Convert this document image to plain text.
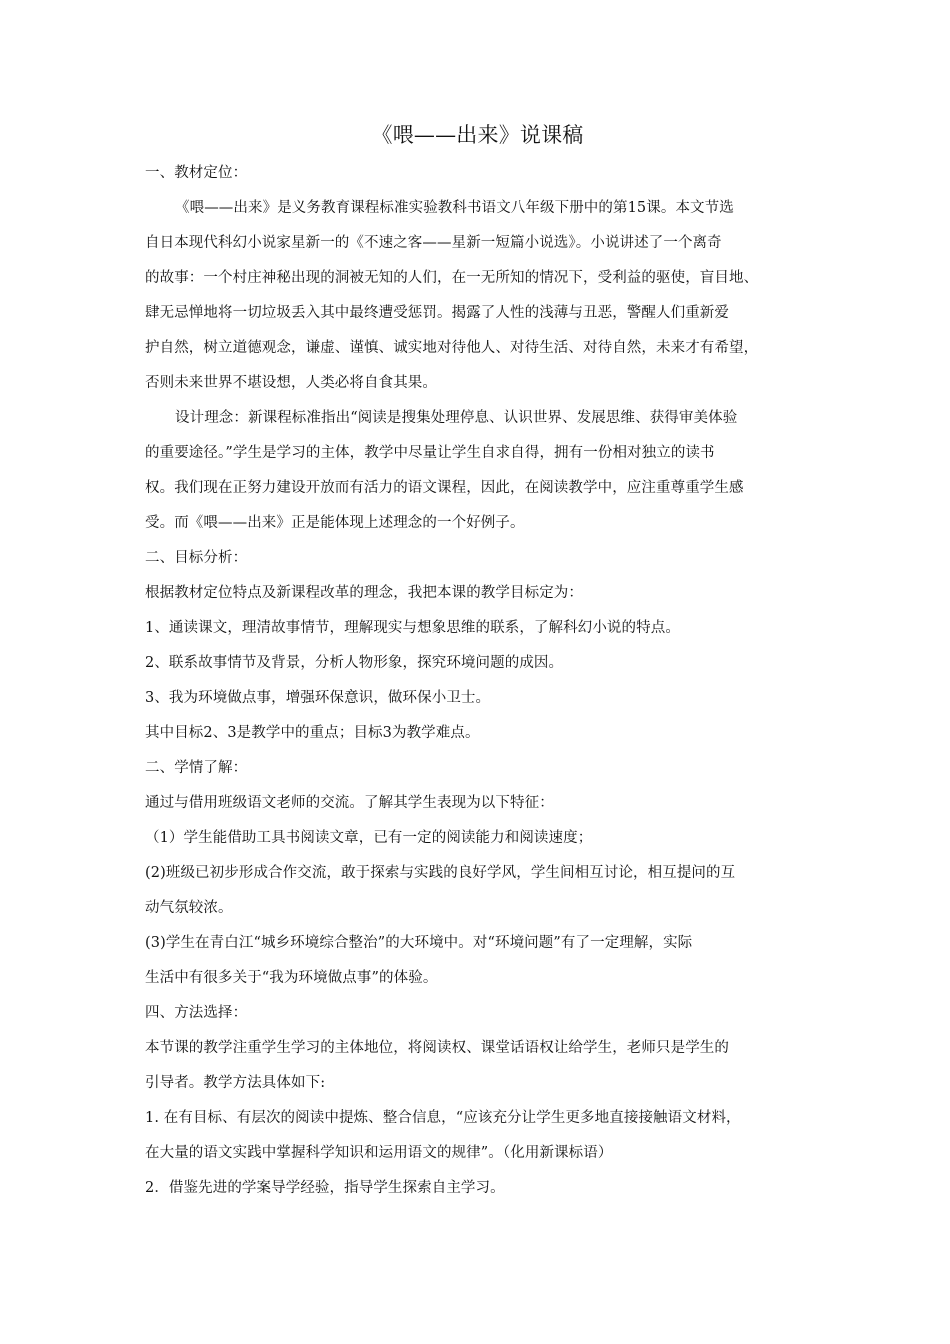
《喂——出来》说课稿
一、教材定位：
《喂——出来》是义务教育课程标准实验教科书语文八年级下册中的第15课。本文节选
自日本现代科幻小说家星新一的《不速之客——星新一短篇小说选》。小说讲述了一个离奇
的故事：一个村庄神秘出现的洞被无知的人们，在一无所知的情况下，受利益的驱使，盲目地、
肆无忌惮地将一切垃圾丢入其中最终遭受惩罚。揭露了人性的浅薄与丑恶，警醒人们重新爱
护自然，树立道德观念，谦虚、谨慎、诚实地对待他人、对待生活、对待自然，未来才有希望，
否则未来世界不堪设想，人类必将自食其果。
设计理念：新课程标准指出“阅读是搜集处理停息、认识世界、发展思维、获得审美体验
的重要途径。”学生是学习的主体，教学中尽量让学生自求自得，拥有一份相对独立的读书
权。我们现在正努力建设开放而有活力的语文课程，因此，在阅读教学中，应注重尊重学生感
受。而《喂——出来》正是能体现上述理念的一个好例子。
二、目标分析：
根据教材定位特点及新课程改革的理念，我把本课的教学目标定为：
1、通读课文，理清故事情节，理解现实与想象思维的联系，了解科幻小说的特点。
2、联系故事情节及背景，分析人物形象，探究环境问题的成因。
3、我为环境做点事，增强环保意识，做环保小卫士。
其中目标2、3是教学中的重点；目标3为教学难点。
二、学情了解：
通过与借用班级语文老师的交流。了解其学生表现为以下特征：
（1）学生能借助工具书阅读文章，已有一定的阅读能力和阅读速度；
(2)班级已初步形成合作交流，敢于探索与实践的良好学风，学生间相互讨论，相互提问的互
动气氛较浓。
(3)学生在青白江“城乡环境综合整治”的大环境中。对“环境问题”有了一定理解，实际
生活中有很多关于“我为环境做点事”的体验。
四、方法选择：
本节课的教学注重学生学习的主体地位，将阅读权、课堂话语权让给学生，老师只是学生的
引导者。教学方法具体如下:
1. 在有目标、有层次的阅读中提炼、整合信息，“应该充分让学生更多地直接接触语文材料，
在大量的语文实践中掌握科学知识和运用语文的规律”。（化用新课标语）
2．借鉴先进的学案导学经验，指导学生探索自主学习。
